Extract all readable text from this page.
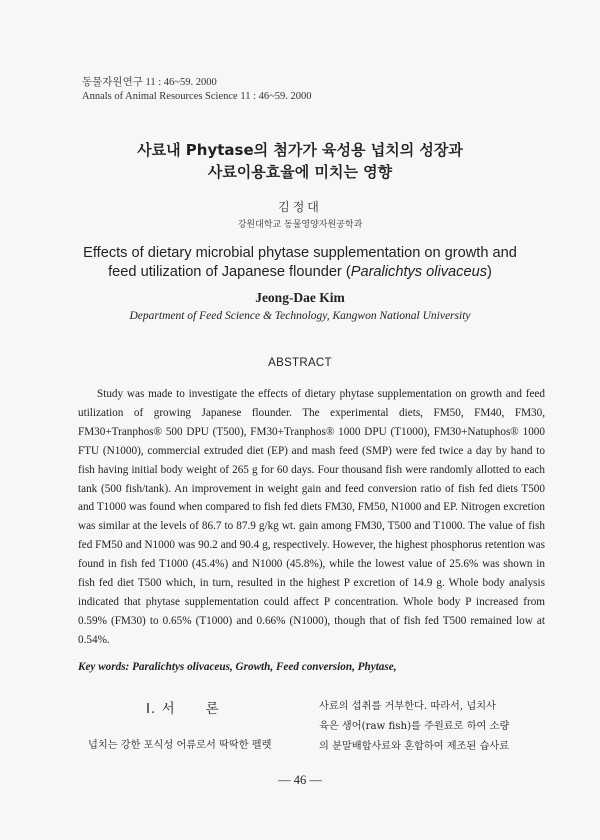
동물자원연구 11 : 46~59. 2000
Annals of Animal Resources Science 11 : 46~59. 2000
사료내 Phytase의 첨가가 육성용 넙치의 성장과
사료이용효율에 미치는 영향
김정대
강원대학교 동물영양자원공학과
Effects of dietary microbial phytase supplementation on growth and
feed utilization of Japanese flounder (Paralichtys olivaceus)
Jeong-Dae Kim
Department of Feed Science & Technology, Kangwon National University
ABSTRACT

Study was made to investigate the effects of dietary phytase supplementation on growth and feed utilization of growing Japanese flounder. The experimental diets, FM50, FM40, FM30, FM30+Tranphos® 500 DPU (T500), FM30+Tranphos® 1000 DPU (T1000), FM30+Natuphos® 1000 FTU (N1000), commercial extruded diet (EP) and mash feed (SMP) were fed twice a day by hand to fish having initial body weight of 265 g for 60 days. Four thousand fish were randomly allotted to each tank (500 fish/tank). An improvement in weight gain and feed conversion ratio of fish fed diets T500 and T1000 was found when compared to fish fed diets FM30, FM50, N1000 and EP. Nitrogen excretion was similar at the levels of 86.7 to 87.9 g/kg wt. gain among FM30, T500 and T1000. The value of fish fed FM50 and N1000 was 90.2 and 90.4 g, respectively. However, the highest phosphorus retention was found in fish fed T1000 (45.4%) and N1000 (45.8%), while the lowest value of 25.6% was shown in fish fed diet T500 which, in turn, resulted in the highest P excretion of 14.9 g. Whole body analysis indicated that phytase supplementation could affect P concentration. Whole body P increased from 0.59% (FM30) to 0.65% (T1000) and 0.66% (N1000), though that of fish fed T500 remained low at 0.54%.

Key words: Paralichtys olivaceus, Growth, Feed conversion, Phytase,
Ⅰ. 서 론
넙치는 강한 포식성 어류로서 딱딱한 펠렛
사료의 섭취를 거부한다. 따라서, 넙치사
육은 생어(raw fish)를 주원료로 하여 소량
의 분말배합사료와 혼합하여 제조된 습사료
— 46 —
